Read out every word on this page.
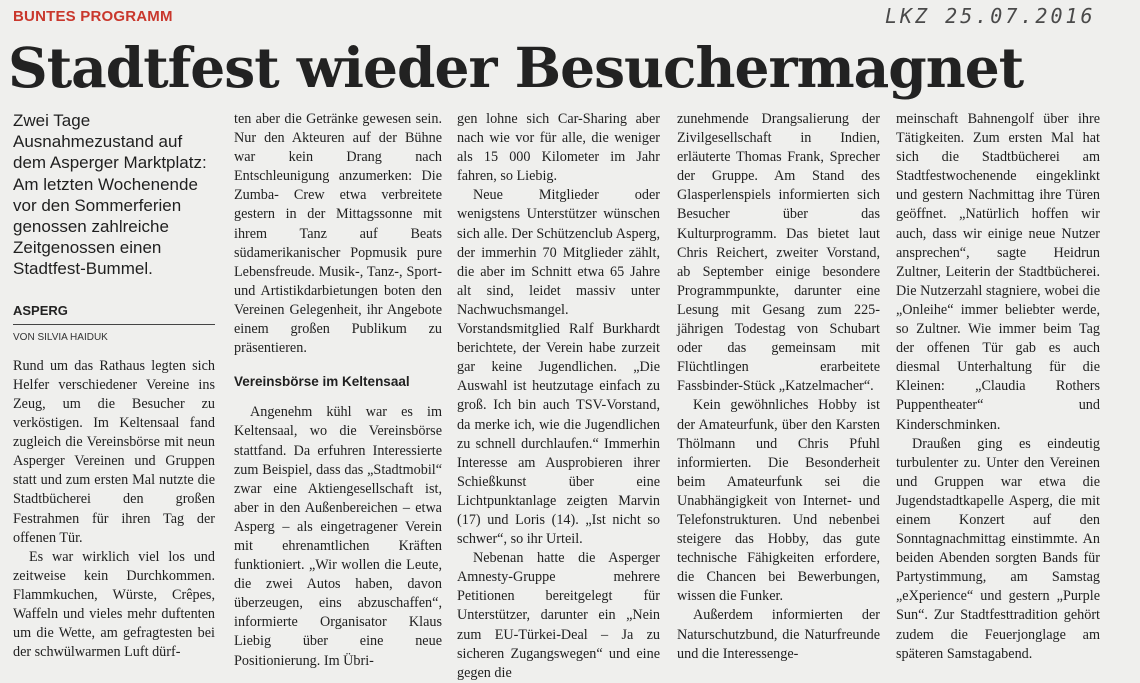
BUNTES PROGRAMM	LKZ 25.07.2016
Stadtfest wieder Besuchermagnet

Zwei Tage Ausnahmezustand auf dem Asperger Marktplatz: Am letzten Wochenende vor den Sommerferien genossen zahlreiche Zeitgenossen einen Stadtfest-Bummel.

ASPERG
VON SILVIA HAIDUK

Rund um das Rathaus legten sich Helfer verschiedener Vereine ins Zeug, um die Besucher zu verköstigen. Im Keltensaal fand zugleich die Vereinsbörse mit neun Asperger Vereinen und Gruppen statt und zum ersten Mal nutzte die Stadtbücherei den großen Festrahmen für ihren Tag der offenen Tür.

Es war wirklich viel los und zeitweise kein Durchkommen. Flammkuchen, Würste, Crêpes, Waffeln und vieles mehr duftenten um die Wette, am gefragtesten bei der schwülwarmen Luft dürf-

ten aber die Getränke gewesen sein. Nur den Akteuren auf der Bühne war kein Drang nach Entschleunigung anzumerken: Die Zumba- Crew etwa verbreitete gestern in der Mittagssonne mit ihrem Tanz auf Beats südamerikanischer Popmusik pure Lebensfreude. Musik-, Tanz-, Sport- und Artistikdarbietungen boten den Vereinen Gelegenheit, ihr Angebote einem großen Publikum zu präsentieren.

Vereinsbörse im Keltensaal

Angenehm kühl war es im Keltensaal, wo die Vereinsbörse stattfand. Da erfuhren Interessierte zum Beispiel, dass das „Stadtmobil“ zwar eine Aktiengesellschaft ist, aber in den Außenbereichen – etwa Asperg – als eingetragener Verein mit ehrenamtlichen Kräften funktioniert. „Wir wollen die Leute, die zwei Autos haben, davon überzeugen, eins abzuschaffen“, informierte Organisator Klaus Liebig über eine neue Positionierung. Im Übri-

gen lohne sich Car-Sharing aber nach wie vor für alle, die weniger als 15 000 Kilometer im Jahr fahren, so Liebig.

Neue Mitglieder oder wenigstens Unterstützer wünschen sich alle. Der Schützenclub Asperg, der immerhin 70 Mitglieder zählt, die aber im Schnitt etwa 65 Jahre alt sind, leidet massiv unter Nachwuchsmangel. Vorstandsmitglied Ralf Burkhardt berichtete, der Verein habe zurzeit gar keine Jugendlichen. „Die Auswahl ist heutzutage einfach zu groß. Ich bin auch TSV-Vorstand, da merke ich, wie die Jugendlichen zu schnell durchlaufen.“ Immerhin Interesse am Ausprobieren ihrer Schießkunst über eine Lichtpunktanlage zeigten Marvin (17) und Loris (14). „Ist nicht so schwer“, so ihr Urteil.

Nebenan hatte die Asperger Amnesty-Gruppe mehrere Petitionen bereitgelegt für Unterstützer, darunter ein „Nein zum EU-Türkei-Deal – Ja zu sicheren Zugangswegen“ und eine gegen die

zunehmende Drangsalierung der Zivilgesellschaft in Indien, erläuterte Thomas Frank, Sprecher der Gruppe. Am Stand des Glasperlenspiels informierten sich Besucher über das Kulturprogramm. Das bietet laut Chris Reichert, zweiter Vorstand, ab September einige besondere Programmpunkte, darunter eine Lesung mit Gesang zum 225-jährigen Todestag von Schubart oder das gemeinsam mit Flüchtlingen erarbeitete Fassbinder-Stück „Katzelmacher“.

Kein gewöhnliches Hobby ist der Amateurfunk, über den Karsten Thölmann und Chris Pfuhl informierten. Die Besonderheit beim Amateurfunk sei die Unabhängigkeit von Internet- und Telefonstrukturen. Und nebenbei steigere das Hobby, das gute technische Fähigkeiten erfordere, die Chancen bei Bewerbungen, wissen die Funker.

Außerdem informierten der Naturschutzbund, die Naturfreunde und die Interessenge-

meinschaft Bahnengolf über ihre Tätigkeiten. Zum ersten Mal hat sich die Stadtbücherei am Stadtfestwochenende eingeklinkt und gestern Nachmittag ihre Türen geöffnet. „Natürlich hoffen wir auch, dass wir einige neue Nutzer ansprechen“, sagte Heidrun Zultner, Leiterin der Stadtbücherei. Die Nutzerzahl stagniere, wobei die „Onleihe“ immer beliebter werde, so Zultner. Wie immer beim Tag der offenen Tür gab es auch diesmal Unterhaltung für die Kleinen: „Claudia Rothers Puppentheater“ und Kinderschminken.

Draußen ging es eindeutig turbulenter zu. Unter den Vereinen und Gruppen war etwa die Jugendstadtkapelle Asperg, die mit einem Konzert auf den Sonntagnachmittag einstimmte. An beiden Abenden sorgten Bands für Partystimmung, am Samstag „eXperience“ und gestern „Purple Sun“. Zur Stadtfesttradition gehört zudem die Feuerjonglage am späteren Samstagabend.
